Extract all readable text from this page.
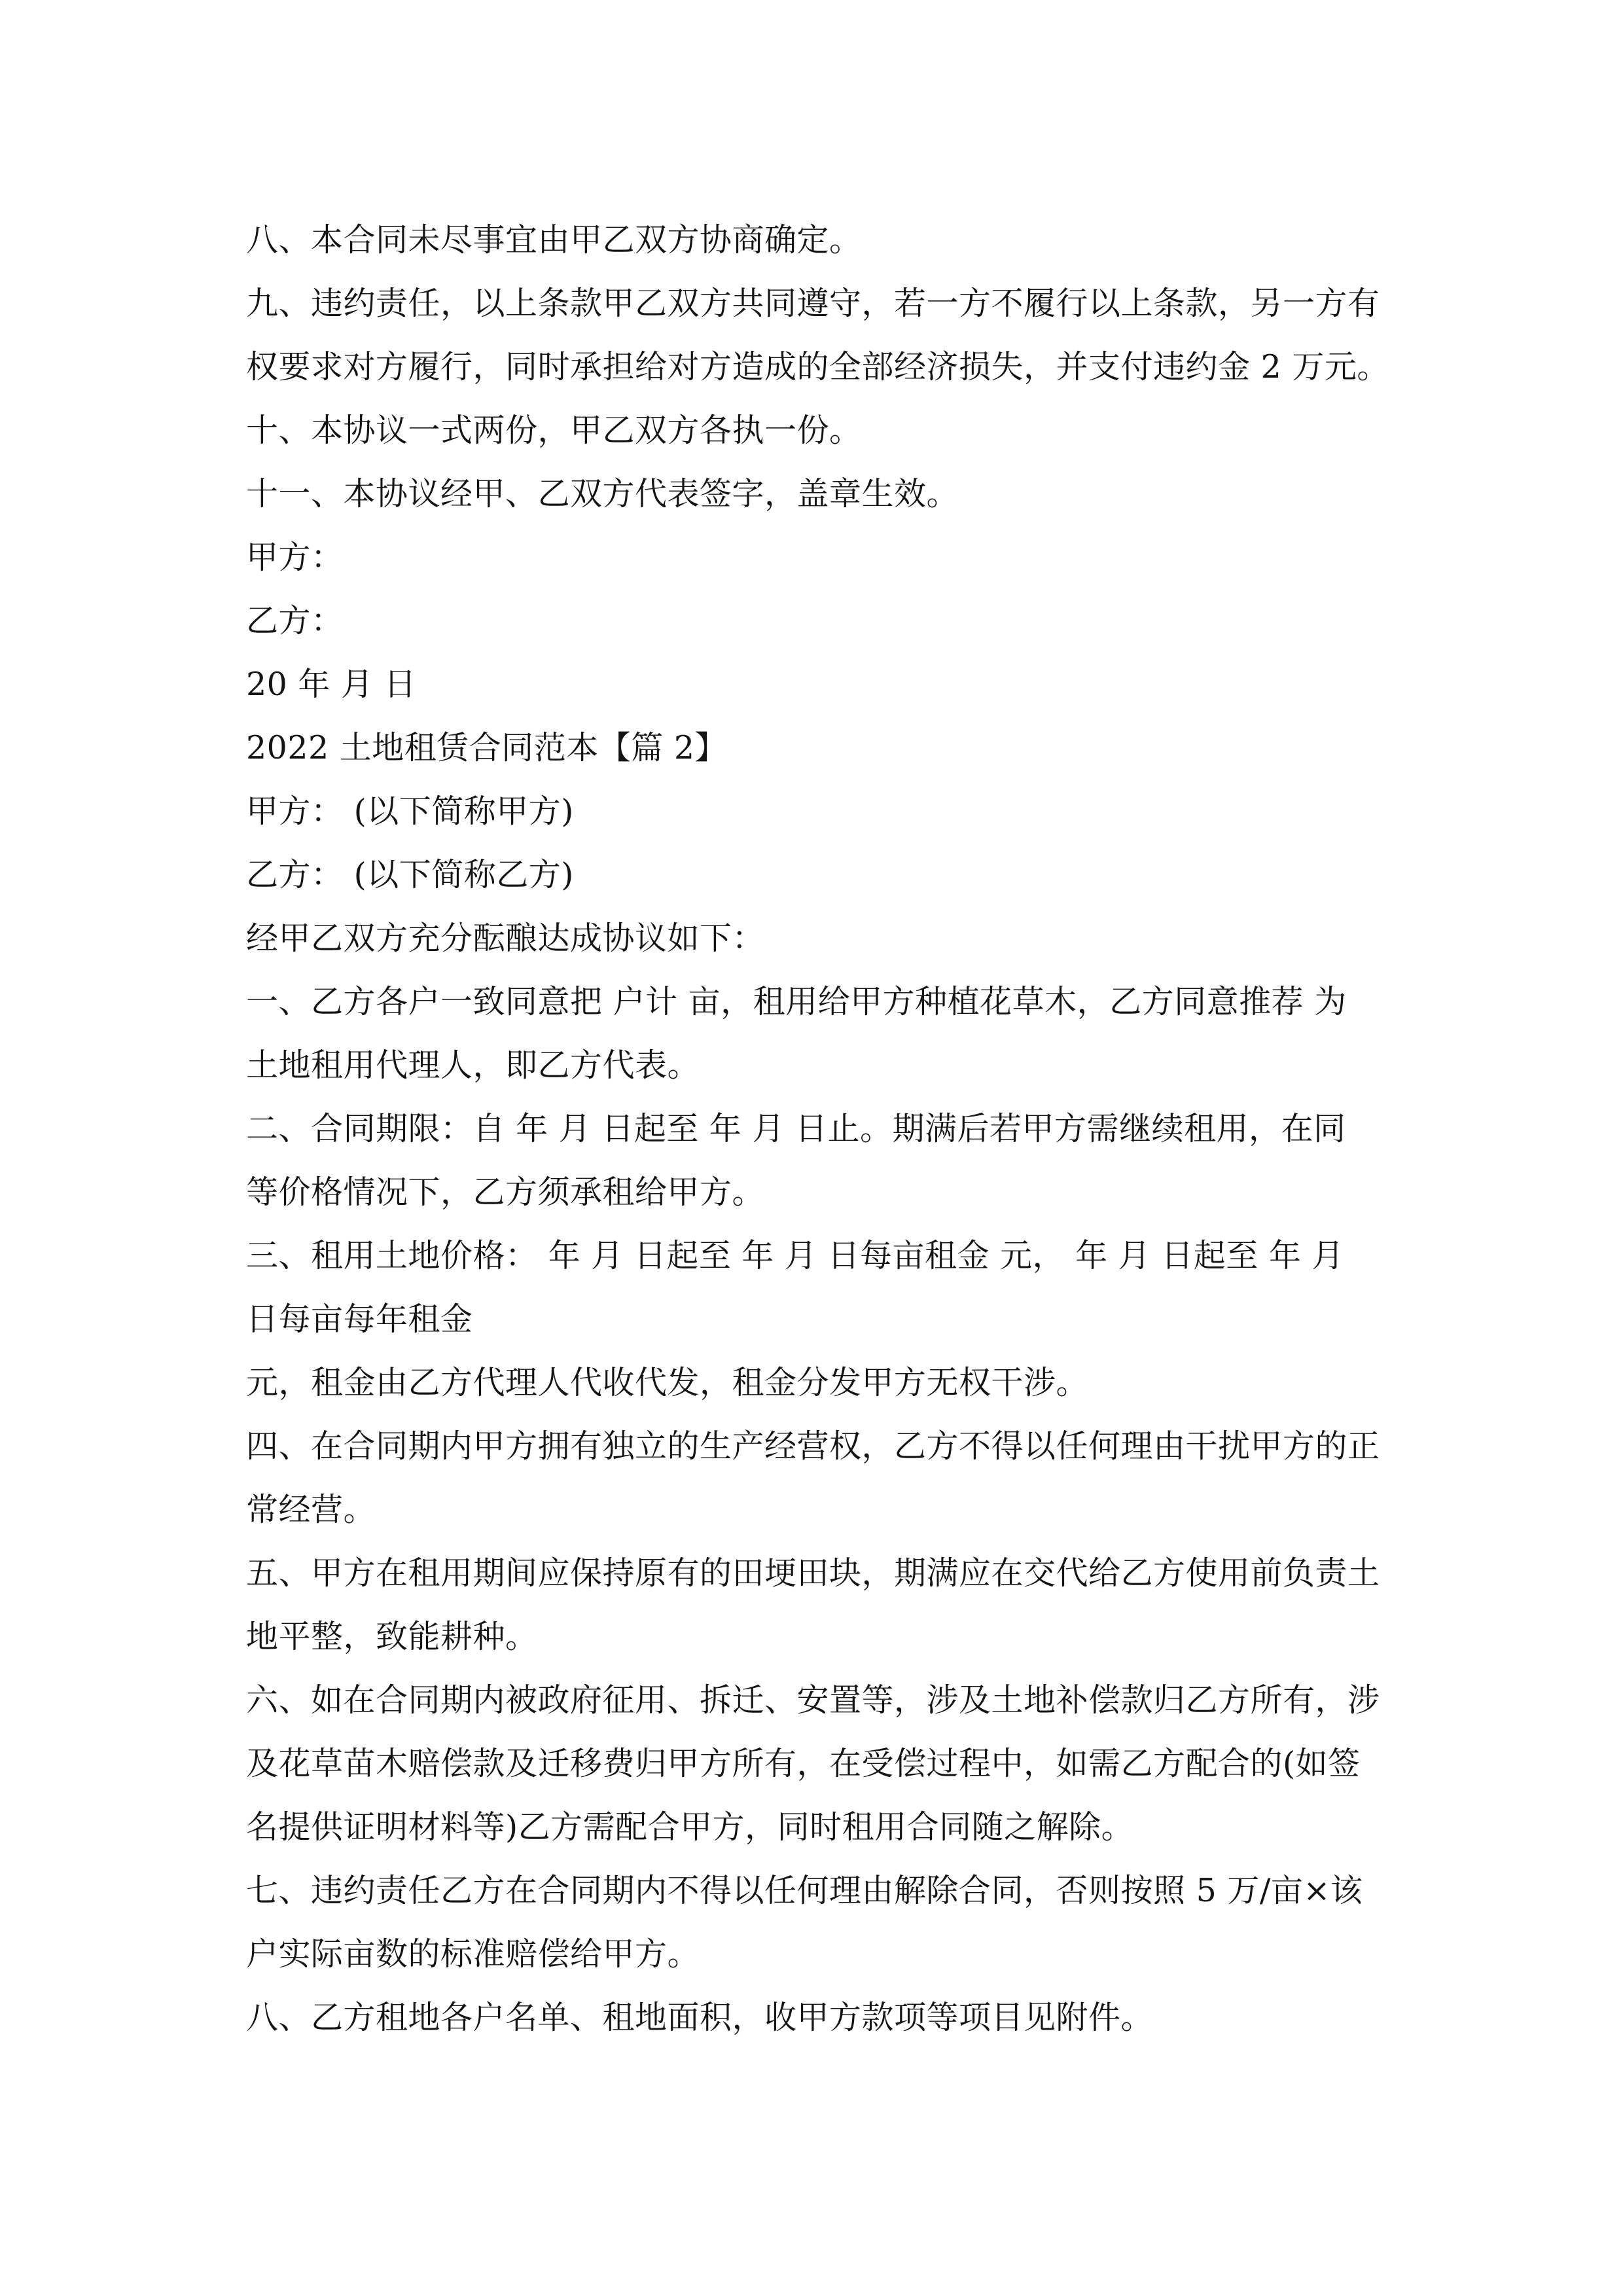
八、本合同未尽事宜由甲乙双方协商确定。
九、违约责任，以上条款甲乙双方共同遵守，若一方不履行以上条款，另一方有
权要求对方履行，同时承担给对方造成的全部经济损失，并支付违约金 2 万元。
十、本协议一式两份，甲乙双方各执一份。
十一、本协议经甲、乙双方代表签字，盖章生效。
甲方：
乙方：
20 年 月 日
2022 土地租赁合同范本【篇 2】
甲方： (以下简称甲方)
乙方： (以下简称乙方)
经甲乙双方充分酝酿达成协议如下：
一、乙方各户一致同意把 户计 亩，租用给甲方种植花草木，乙方同意推荐 为
土地租用代理人，即乙方代表。
二、合同期限：自 年 月 日起至 年 月 日止。期满后若甲方需继续租用，在同
等价格情况下，乙方须承租给甲方。
三、租用土地价格： 年 月 日起至 年 月 日每亩租金 元， 年 月 日起至 年 月
日每亩每年租金
元，租金由乙方代理人代收代发，租金分发甲方无权干涉。
四、在合同期内甲方拥有独立的生产经营权，乙方不得以任何理由干扰甲方的正
常经营。
五、甲方在租用期间应保持原有的田埂田块，期满应在交代给乙方使用前负责土
地平整，致能耕种。
六、如在合同期内被政府征用、拆迁、安置等，涉及土地补偿款归乙方所有，涉
及花草苗木赔偿款及迁移费归甲方所有，在受偿过程中，如需乙方配合的(如签
名提供证明材料等)乙方需配合甲方，同时租用合同随之解除。
七、违约责任乙方在合同期内不得以任何理由解除合同，否则按照 5 万/亩×该
户实际亩数的标准赔偿给甲方。
八、乙方租地各户名单、租地面积，收甲方款项等项目见附件。
